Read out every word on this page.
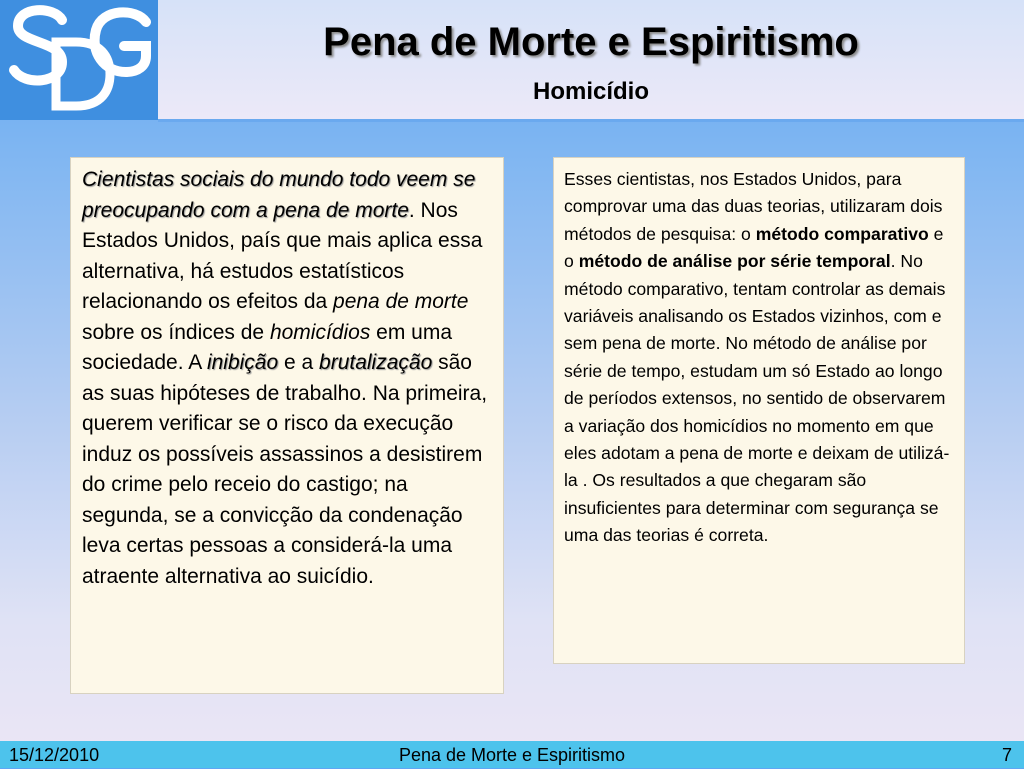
Pena de Morte e Espiritismo
Homicídio
Cientistas sociais do mundo todo veem se preocupando com a pena de morte. Nos Estados Unidos, país que mais aplica essa alternativa, há estudos estatísticos relacionando os efeitos da pena de morte sobre os índices de homicídios em uma sociedade. A inibição e a brutalização são as suas hipóteses de trabalho. Na primeira, querem verificar se o risco da execução induz os possíveis assassinos a desistirem do crime pelo receio do castigo; na segunda, se a convicção da condenação leva certas pessoas a considerá-la uma atraente alternativa ao suicídio.
Esses cientistas, nos Estados Unidos, para comprovar uma das duas teorias, utilizaram dois métodos de pesquisa: o método comparativo e o método de análise por série temporal. No método comparativo, tentam controlar as demais variáveis analisando os Estados vizinhos, com e sem pena de morte. No método de análise por série de tempo, estudam um só Estado ao longo de períodos extensos, no sentido de observarem a variação dos homicídios no momento em que eles adotam a pena de morte e deixam de utilizá-la . Os resultados a que chegaram são insuficientes para determinar com segurança se uma das teorias é correta.
15/12/2010	Pena de Morte e Espiritismo	7
